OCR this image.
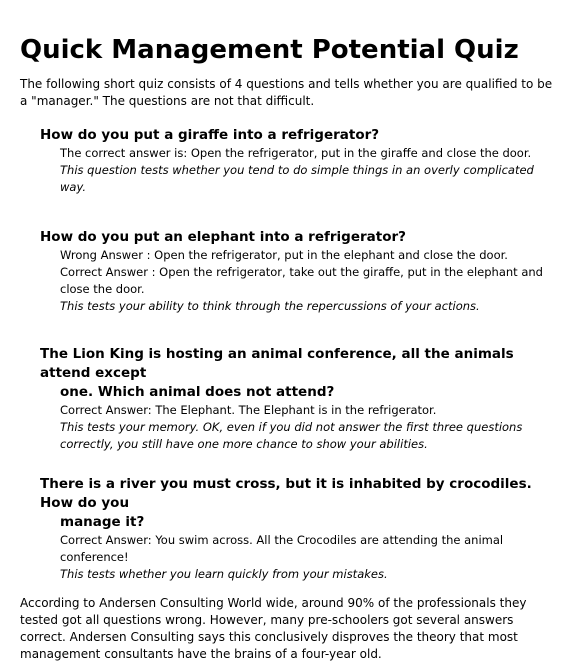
Quick Management Potential Quiz

The following short quiz consists of 4 questions and tells whether you are qualified to be a "manager." The questions are not that difficult.

How do you put a giraffe into a refrigerator?

The correct answer is: Open the refrigerator, put in the giraffe and close the door.
This question tests whether you tend to do simple things in an overly complicated way.

How do you put an elephant into a refrigerator?

Wrong Answer : Open the refrigerator, put in the elephant and close the door.
Correct Answer : Open the refrigerator, take out the giraffe, put in the elephant and close the door.
This tests your ability to think through the repercussions of your actions.

The Lion King is hosting an animal conference, all the animals attend except
one. Which animal does not attend?

Correct Answer: The Elephant. The Elephant is in the refrigerator.
This tests your memory. OK, even if you did not answer the first three questions correctly, you still have one more chance to show your abilities.

There is a river you must cross, but it is inhabited by crocodiles. How do you
manage it?

Correct Answer: You swim across. All the Crocodiles are attending the animal conference!
This tests whether you learn quickly from your mistakes.

According to Andersen Consulting World wide, around 90% of the professionals they tested got all questions wrong. However, many pre-schoolers got several answers correct. Andersen Consulting says this conclusively disproves the theory that most management consultants have the brains of a four-year old.
